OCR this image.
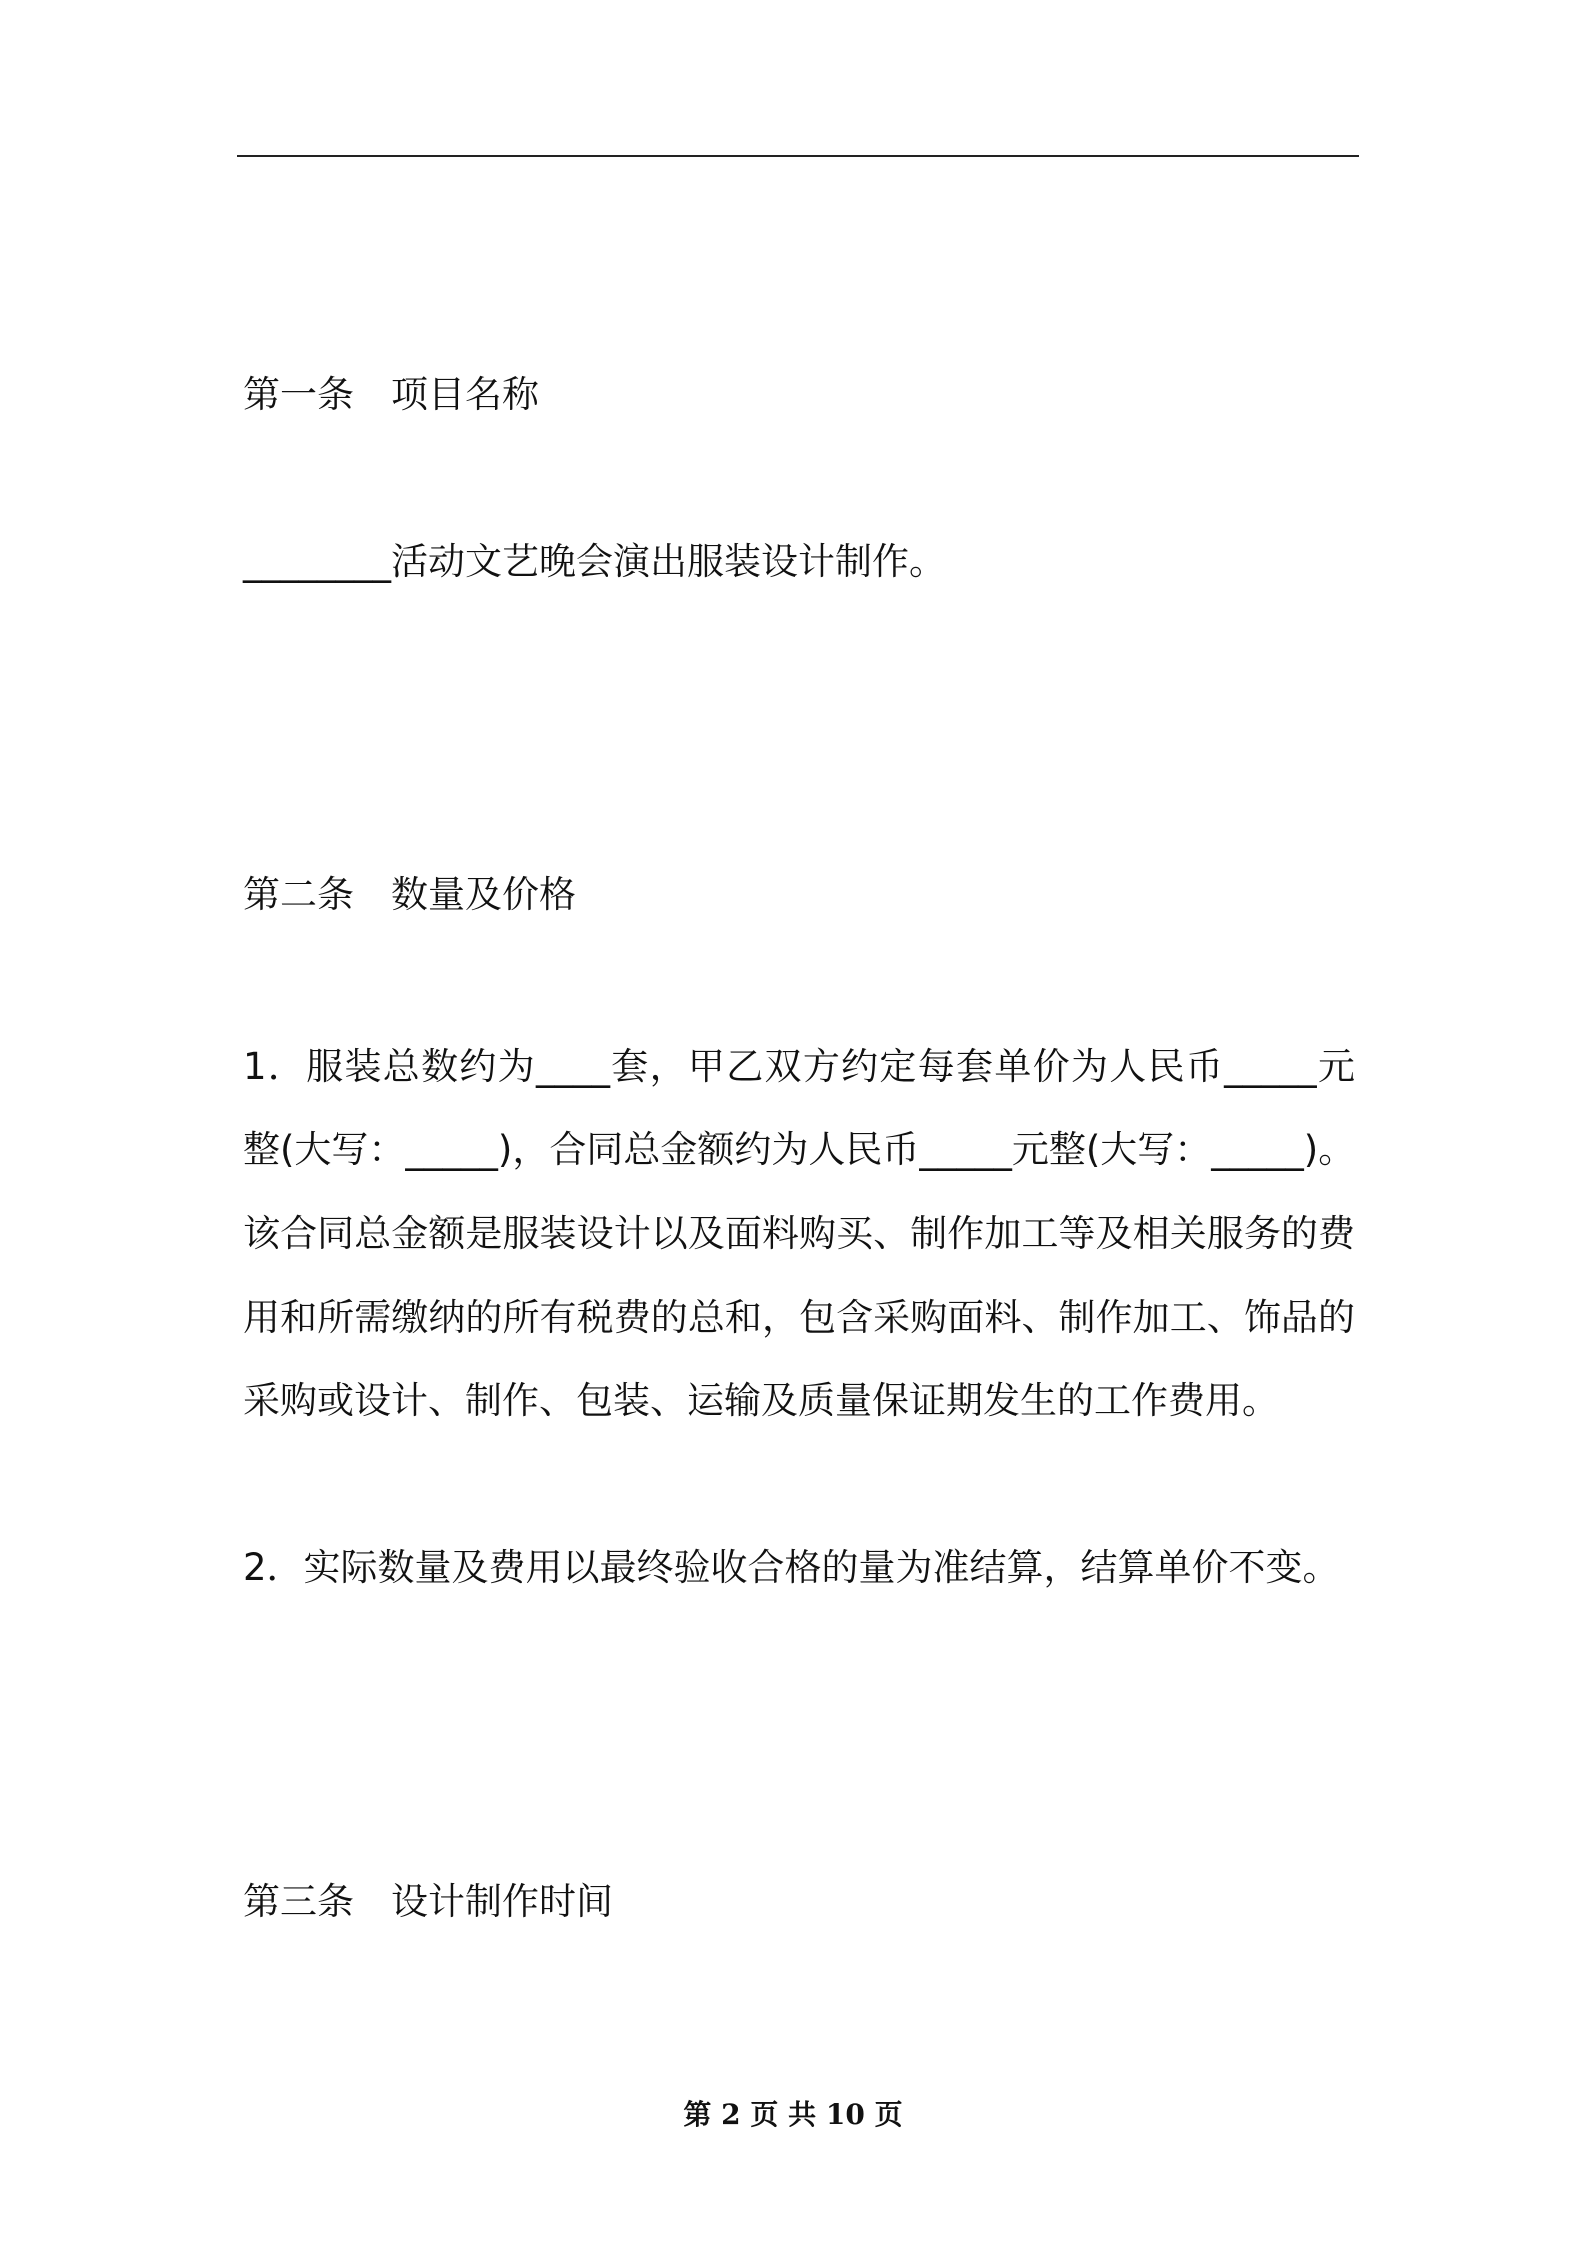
第一条　项目名称
________活动文艺晚会演出服装设计制作。
第二条　数量及价格
1．服装总数约为____套，甲乙双方约定每套单价为人民币_____元
整(大写：_____)，合同总金额约为人民币_____元整(大写：_____)。
该合同总金额是服装设计以及面料购买、制作加工等及相关服务的费
用和所需缴纳的所有税费的总和，包含采购面料、制作加工、饰品的
采购或设计、制作、包装、运输及质量保证期发生的工作费用。
2．实际数量及费用以最终验收合格的量为准结算，结算单价不变。
第三条　设计制作时间
第 2 页 共 10 页
